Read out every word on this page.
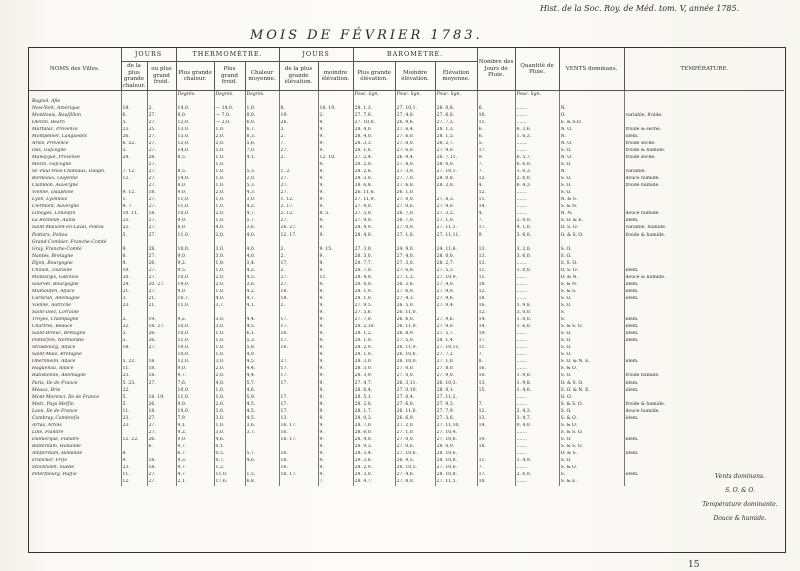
Hist. de la Soc. Roy. de Méd. tom. V, année 1785.
MOIS DE FÉVRIER 1783.
NOMS des Villes.	JOURS		THERMOMÈTRE.			JOURS		BAROMÈTRE.			Nombre des Jours de Pluie.	Quantité de Pluie.	VENTS dominans.	TEMPÉRATURE.
	de la plus grande chaleur.	ou plus grand froid.	Plus grande chaleur.	Plus grand froid.	Chaleur moyenne.	de la plus grande élévation.	moindre élévation.	Plus grande élévation.	Moindre élévation.	Élévation moyenne.				
			Degrés.	Degrés.	Degrés.			Pouc. lign.	Pouc. lign.	Pouc. lign.		Pouc. lign.		
Bagnol, Afie														
New-York, Amérique	18.	2.	14,0.	— 14,0.	1,0.	8.	18. 19.	28. 1,3.	27. 10,1.	28. 0,8.	6.	.......	N.	
Montlouis, Rouſſillon	6.	27.	8,0.	— 7,0.	0,0.	19.	2.	27. 7,0.	27. 4,0.	27. 6,0.	10.	.......	O.	variable, froide.
Oléron, Béarn	5.	27.	12,0.	— 2,0.	6,0.	26.	9.	27. 10,0.	26. 9,6.	27. 7,2.	11.	.......	E. & S.O.	
Martillac, Provence	23.	25.	13,0.	1,0.	6,7.	3.	9.	28. 4,0.	27. 6,4.	28. 1,3.	6.	6. 3,6.	N. O.	froide & sèche.
Montpellier, Languedoc	26.	27.	15,0.	2,0.	8,3.	2.	9.	28. 4,0.	27. 6,0.	28. 1,5.	6.	1. 6,3.	N.	idem.
Arles, Provence	6. 22.	27.	12,0.	2,0.	5,6.	7.	9.	28. 3,3.	27. 8,0.	28. 2,7.	5.	.......	N. O.	froide sèche.
Dax, Gaſcogne	5.	27.	14,0.	5,0.	7,0.	27.	9.	28. 1,6.	27. 6,0.	27. 9,0.	17.	.......	S. O.	froide & humide.
Manoſque, Provence	24.	28.	8,5.	1,0.	4,1.	2.	12. 10.	27. 2,4.	26. 9,4.	26. 7,11.	9.	6. 5,7.	N. O.	froide sèche.
Mèzin, Gaſcogne		27.		1,0.			9.	28. 2,0.	27. 8,0.	28. 0,0.	7.	6. 6,0.	S. O.	
St.-Paul-trois-Châteaux, Dauph.	7. 12.	27.	8,5.	1,0.	5,3.	1. 2.	9.	28. 2,6.	27. 3,0.	27. 10,1.	7.	1. 0,3.	N.	variable.
Bordeaux, Guyenne	12.	27.	14,0.	1,0.	2,0.	27.	9.	28. 3,0.	27. 7,0.	28. 0,8.	12.	2. 6,0.	S. O.	douce humide.
Clambon, Auvergne		27.	8,0.	1,0.	5,3.	27.	9.	28. 6,8.	27. 6,8.	28. 2,0.	4.	6. 4,3.	S. O.	froide humide.
Vienne, Dauphiné	9. 12.	18.	9,0.	2,0.	4,3.	27.	9.	26. 11,6.	26. 1,0.		12.	.......	S. O.	
Lyon, Lyonnois	1.	27.	11,0.	1,0.	3,0.	1. 12.	9.	27. 11,9.	27. 0,0.	27. 8,3.	11.	.......	N. & S.	
Clermont, Auvergne	9. 7.	27.	11,0.	1,0.	4,2.	2. 17.	9.	27. 9,0.	27. 0,6.	27. 9,0.	14.	.......	S. & N.	
Limoges, Limouſin	10. 11.	18.	10,0.	2,0.	4,7.	2. 12.	8. 5.	27. 5,0.	26. 7,0.	27. 3,2.	4.	.......	N. N.	douce humide.
La Rochelle, Aunis	25.	27.	9,0.	1,0.	5,7.	27.	9.	27. 9,0.	26. 7,0.	27. 1,0.	7.	2. 0,0.	S. O. & E.	idem.
Saint-Maixent-en-Laval, Poitou	22.	27.	8,0.	4,0.	3,6.	26. 27.	9.	28. 4,0.	27. 0,0.	27. 11,1.	17.	4. 1,0.	O. S. O.	variable, humide.
Poitiers, Poitou	5.	27.	11,0.	2,0.	4,0.	12. 17.	9.	28. 4,0.	27. 1,0.	27. 11,11.	9.	3. 6,0.	O. & S. O.	froide & humide.
Grand-Combier, Franche-Comté														
Gray, Franche-Comté	9.	28.	10,0.	3,0.	4,0.	2.	9. 15.	27. 3,0.	24. 9,0.	24. 11,6.	13.	3. 2,0.	S. O.	
Nantes, Bretagne	6.	27.	9,0.	3,0.	4,0.	2.	9.	28. 3,0.	27. 4,0.	28. 0,0.	13.	3. 6,0.	S. O.	
Dijon, Bourgogne	9.	26.	9,2.	1,0.	3,4.	17.	9.	28. 7,7.	27. 3,0.	28. 2,7.	13.	.......	S. S. O.	
Chinon, Touraine	10.	27.	9,5.	1,0.	4,2.	2.	9.	28. 7,0.	27. 6,8.	27. 5,3.	11.	1. 0,0.	O. S. O.	idem.
Montargis, Gâtinois	20.	27.	10,0.	2,0.	4,5.	27.	11.	28. 4,0.	27. 1,2.	27. 10,9.	11.	.......	O. & N.	douce & humide.
Sourvet, Bourgogne	24.	20. 27.	19,0.	2,0.	3,6.	27.	9.	28. 0,0.	26. 2,6.	27. 4,0.	18.	.......	S. & N.	idem.
Mulhaufen, Alſace	21.	27.	9,0.	1,0.	4,2.	18.	9.	28. 1,0.	27. 6,0.	27. 9,0.	12.	.......	S. & S.	idem.
Carlsrah, Allemagne	3.	21.	10,7.	4,0.	4,7.	18.	9.	28. 1,0.	27. 4,3.	27. 9,6.	18.	.......	S. O.	idem.
Vienne, Autriche	23.	21.	11,0.	3,7.	4,1.	2.	9.	27. 9,5.	26. 5,0.	27. 9,4.	16.	1. 9,8.	S. O.	
Saint-Diez, Lorraine							9.	27. 5,6.	26. 11,0.		12.	3. 0,0.	S.	
Troyes, Champagne	2.	19.	9,2.	3,0.	4,4.	17.	9.	27. 7,0.	26. 6,0.	27. 9,6.	14.	1. 0,0.	S.	idem.
Chartres, Beauce	22.	18. 27.	10,0.	3,0.	4,5.	17.	9.	28. 2,10.	26. 11,0.	27. 9,0.	14.	1. 6,0.	S. & S. O.	idem.
Saint-Brieuc, Bretagne	5.	26.	10,0.	1,0.	6,1.	16.	9.	28. 1,2.	26. 8,9.	27. 5,7.	19.	.......	S. O.	idem.
Pontorſon, Normandie	5.	26.	11,0.	1,0.	5,3.	17.	9.	28. 1,0.	27. 5,0.	28. 1,4.	17.	.......	S. O.	idem.
Strasbourg, Alſace	18.	27.	10,0.	1,0.	5,8.	16.	9.	28. 2,0.	26. 11,0.	27. 10,11.	11.	.......	S. O.	
Saint-Malo, Bretagne			10,0.	1,0.	4,9.		9.	28. 1,0.	26. 10,6.	27. 7,2.	7.	.......	S. O.	
Obernheim, Alſace	5. 22.	18.	12,0.	3,0.	4,5.	27.	9.	28. 3,0.	26. 10,0.	27. 1,0.	8.	.......	S. O. & N. E.	idem.
Haguenau, Alſace	11.	18.	9,0.	2,0.	4,4.	17.	9.	28. 3,0.	27. 0,0.	27. 8,0.	16.	.......	S. & O.	
Ratisbonne, Allemagne	23.	18.	9,7.	2,0.	4,4.	17.	9.	28. 3,9.	27. 0,0.	27. 9,0.	10.	1. 9,0.	S. O.	froide humide.
Paris, Ile de France	5. 23.	27.	7,6.	4,0.	5,7.	17.	9.	27. 4,7.	26. 3,11.	26. 10,3.	13.	1. 9,8.	O. & S. O.	idem.
Meaux, Brie	22.		10,0.	1,0.	4,6.		9.	28. 6,4.	27. 0,10.	28. 0,1.	15.	1. 4,0.	S. O. & N. E.	idem.
Mont-Morenci, Ile de France	5.	18. 19.	11,0.	1,0.	5,9.	17.	9.	28. 5,1.	27. 0,4.	27. 11,2.		.......	O. O.	
Metz, Pays Meſſin	5.	26.	9,0.	2,0.	4,5.	17.	9.	28. 2,0.	27. 6,0.	27. 9,3.	7.	.......	S. & S. O.	froide & humide.
Laon, Ile de France	11.	18.	10,0.	3,0.	4,5.	17.	9.	28. 1,7.	26. 11,6.	27. 7,9.	12.	2. 4,3.	S. O.	douce humide.
Cambray, Cambreſis	23.	27.	7,9.	3,0.	4,5.	13.	9.	28. 0,3.	26. 6,9.	27. 3,6.	13.	3. 4,7.	S. & O.	idem.
Arras, Artois	23.	27.	9,1.	1,0.	3,6.	16. 17.	9.	28. 7,0.	27. 2,0.	27. 11,10.	14.	0. 4,0.	S. & O.	
Lille, Flandre		27.	9,2.	3,0.	3,7.	16.	9.	28. 6,0.	27. 1,0.	27. 10,4.		.......	S. & S. O.	
Dunkerque, Flandre	12. 22.	26.	9,0.	4,6.		16. 17.	9.	28. 4,0.	27. 0,0.	27. 10,6.	19.	.......	S. O.	idem.
Rotterdam, Hollande		6.	9,7.	0,1.			9.	28. 9,3.	27. 0,6.	28. 0,0.	18.	.......	S. & S. O.	
Amſterdam, Hollande	8.		6,7.	0,5.	5,7.	16.	9.	28. 3,4.	27. 10,6.	28. 10,6.		.......	O. & S.	idem.
Francker, Friſe	9.	18.	9,3.	0,7.	4,6.	16.	9.	29. 3,6.	26. 9,5.	28. 10,8.	11.	1. 4,9.	S. O.	
Stockholm, Suède	23.	18.	9,7.	1,2.		16.	9.	28. 2,0.	26. 10,5.	27. 10,6.	7.	.......	S. & O.	
Péterſbourg, Ruſſie	11.	27.	4,7.	11,0.	1,5.	16. 17.	9.	28. 3,0.	27. 4,6.	28. 10,8.	17.	2. 6,0.	S.	idem.
	12.	27.	2,1.	17,6.	6,8.		7.	28. 4,7.	27. 8,0.	27. 11,5.	10.	.......	S. & E.	
Vents dominans.
S. O. & O.
Température dominante.
Douce & humide.
15
